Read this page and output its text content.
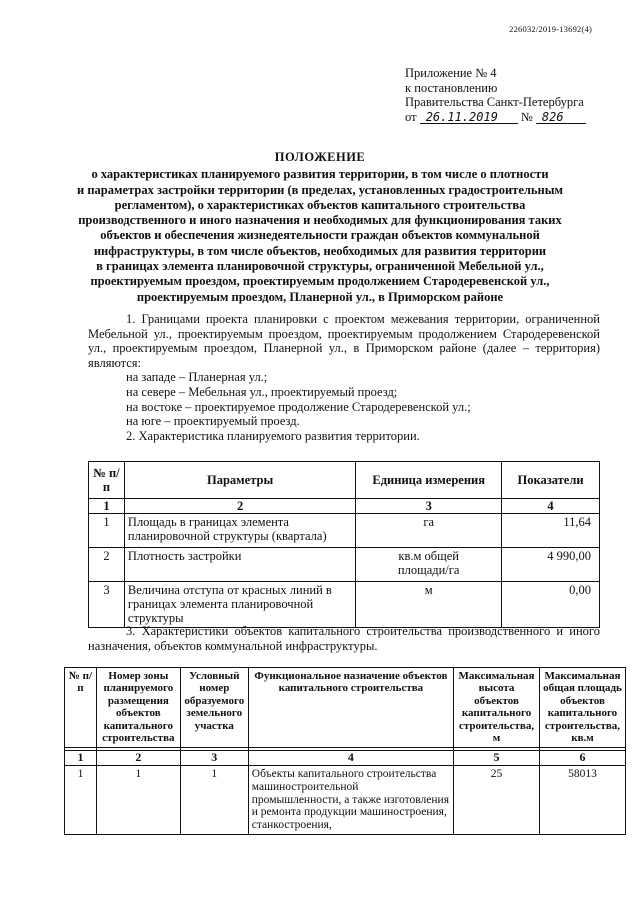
226032/2019-13692(4)
Приложение № 4
к постановлению
Правительства Санкт-Петербурга
от 26.11.2019 № 826
ПОЛОЖЕНИЕ
о характеристиках планируемого развития территории, в том числе о плотности
и параметрах застройки территории (в пределах, установленных градостроительным
регламентом), о характеристиках объектов капитального строительства
производственного и иного назначения и необходимых для функционирования таких
объектов и обеспечения жизнедеятельности граждан объектов коммунальной
инфраструктуры, в том числе объектов, необходимых для развития территории
в границах элемента планировочной структуры, ограниченной Мебельной ул.,
проектируемым проездом, проектируемым продолжением Стародеревенской ул.,
проектируемым проездом, Планерной ул., в Приморском районе

1. Границами проекта планировки с проектом межевания территории, ограниченной Мебельной ул., проектируемым проездом, проектируемым продолжением Стародеревенской ул., проектируемым проездом, Планерной ул., в Приморском районе (далее – территория) являются:

на западе – Планерная ул.;

на севере – Мебельная ул., проектируемый проезд;

на востоке – проектируемое продолжение Стародеревенской ул.;

на юге – проектируемый проезд.

2. Характеристика планируемого развития территории.

№ п/п	Параметры	Единица измерения	Показатели
1	2	3	4
1	Площадь в границах элемента планировочной структуры (квартала)	га	11,64
2	Плотность застройки	кв.м общей площади/га	4 990,00
3	Величина отступа от красных линий в границах элемента планировочной структуры	м	0,00

3. Характеристики объектов капитального строительства производственного и иного назначения, объектов коммунальной инфраструктуры.

№ п/п	Номер зоны планируемого размещения объектов капитального строительства	Условный номер образуемого земельного участка	Функциональное назначение объектов капитального строительства	Максимальная высота объектов капитального строительства, м	Максимальная общая площадь объектов капитального строительства, кв.м

1	2	3	4	5	6
1	1	1	Объекты капитального строительства машиностроительной промышленности, а также изготовления и ремонта продукции машиностроения, станкостроения,	25	58013
